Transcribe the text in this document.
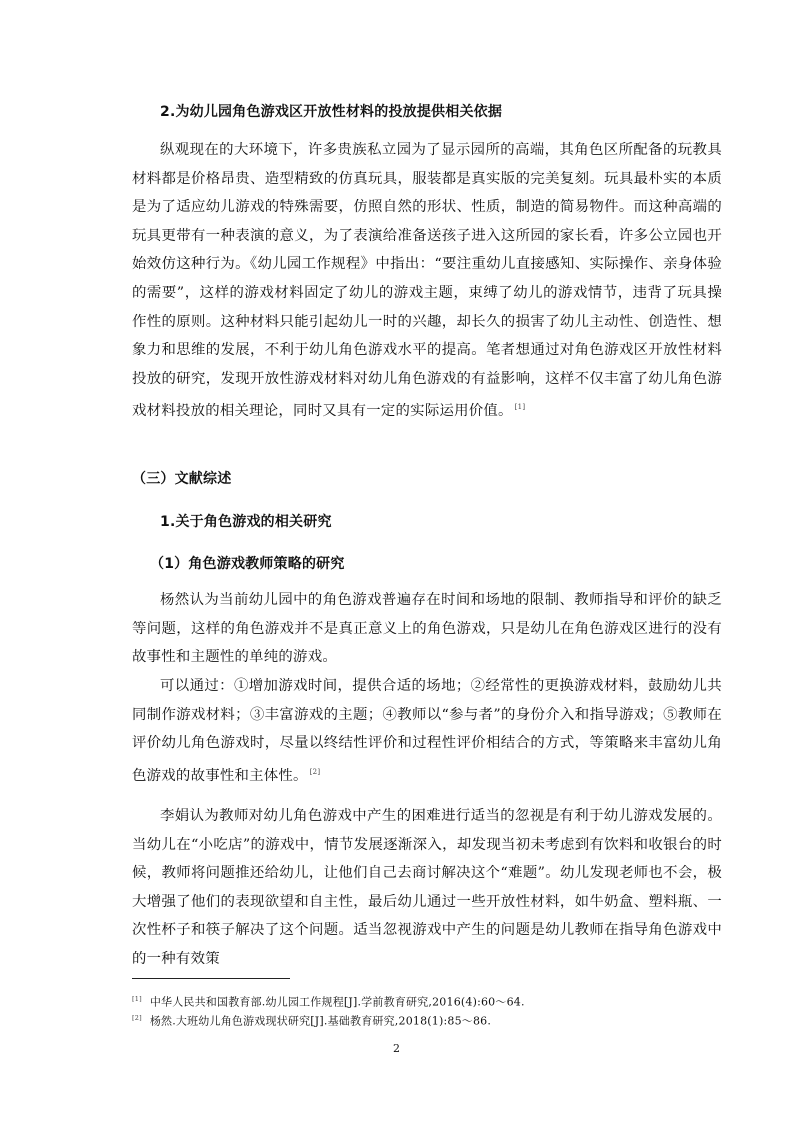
2.为幼儿园角色游戏区开放性材料的投放提供相关依据

纵观现在的大环境下，许多贵族私立园为了显示园所的高端，其角色区所配备的玩教具材料都是价格昂贵、造型精致的仿真玩具，服装都是真实版的完美复刻。玩具最朴实的本质是为了适应幼儿游戏的特殊需要，仿照自然的形状、性质，制造的简易物件。而这种高端的玩具更带有一种表演的意义，为了表演给准备送孩子进入这所园的家长看，许多公立园也开始效仿这种行为。《幼儿园工作规程》中指出：“要注重幼儿直接感知、实际操作、亲身体验的需要”，这样的游戏材料固定了幼儿的游戏主题，束缚了幼儿的游戏情节，违背了玩具操作性的原则。这种材料只能引起幼儿一时的兴趣，却长久的损害了幼儿主动性、创造性、想象力和思维的发展，不利于幼儿角色游戏水平的提高。笔者想通过对角色游戏区开放性材料投放的研究，发现开放性游戏材料对幼儿角色游戏的有益影响，这样不仅丰富了幼儿角色游戏材料投放的相关理论，同时又具有一定的实际运用价值。 [1]

（三）文献综述
1.关于角色游戏的相关研究
（1）角色游戏教师策略的研究

杨然认为当前幼儿园中的角色游戏普遍存在时间和场地的限制、教师指导和评价的缺乏等问题，这样的角色游戏并不是真正意义上的角色游戏，只是幼儿在角色游戏区进行的没有故事性和主题性的单纯的游戏。

可以通过：①增加游戏时间，提供合适的场地；②经常性的更换游戏材料，鼓励幼儿共同制作游戏材料；③丰富游戏的主题；④教师以“参与者”的身份介入和指导游戏；⑤教师在评价幼儿角色游戏时，尽量以终结性评价和过程性评价相结合的方式，等策略来丰富幼儿角色游戏的故事性和主体性。 [2]

李娟认为教师对幼儿角色游戏中产生的困难进行适当的忽视是有利于幼儿游戏发展的。当幼儿在“小吃店”的游戏中，情节发展逐渐深入，却发现当初未考虑到有饮料和收银台的时候，教师将问题推还给幼儿，让他们自己去商讨解决这个“难题”。幼儿发现老师也不会，极大增强了他们的表现欲望和自主性，最后幼儿通过一些开放性材料，如牛奶盒、塑料瓶、一次性杯子和筷子解决了这个问题。适当忽视游戏中产生的问题是幼儿教师在指导角色游戏中的一种有效策

[1] 中华人民共和国教育部.幼儿园工作规程[J].学前教育研究,2016(4):60～64.
[2] 杨然.大班幼儿角色游戏现状研究[J].基础教育研究,2018(1):85～86.
2
